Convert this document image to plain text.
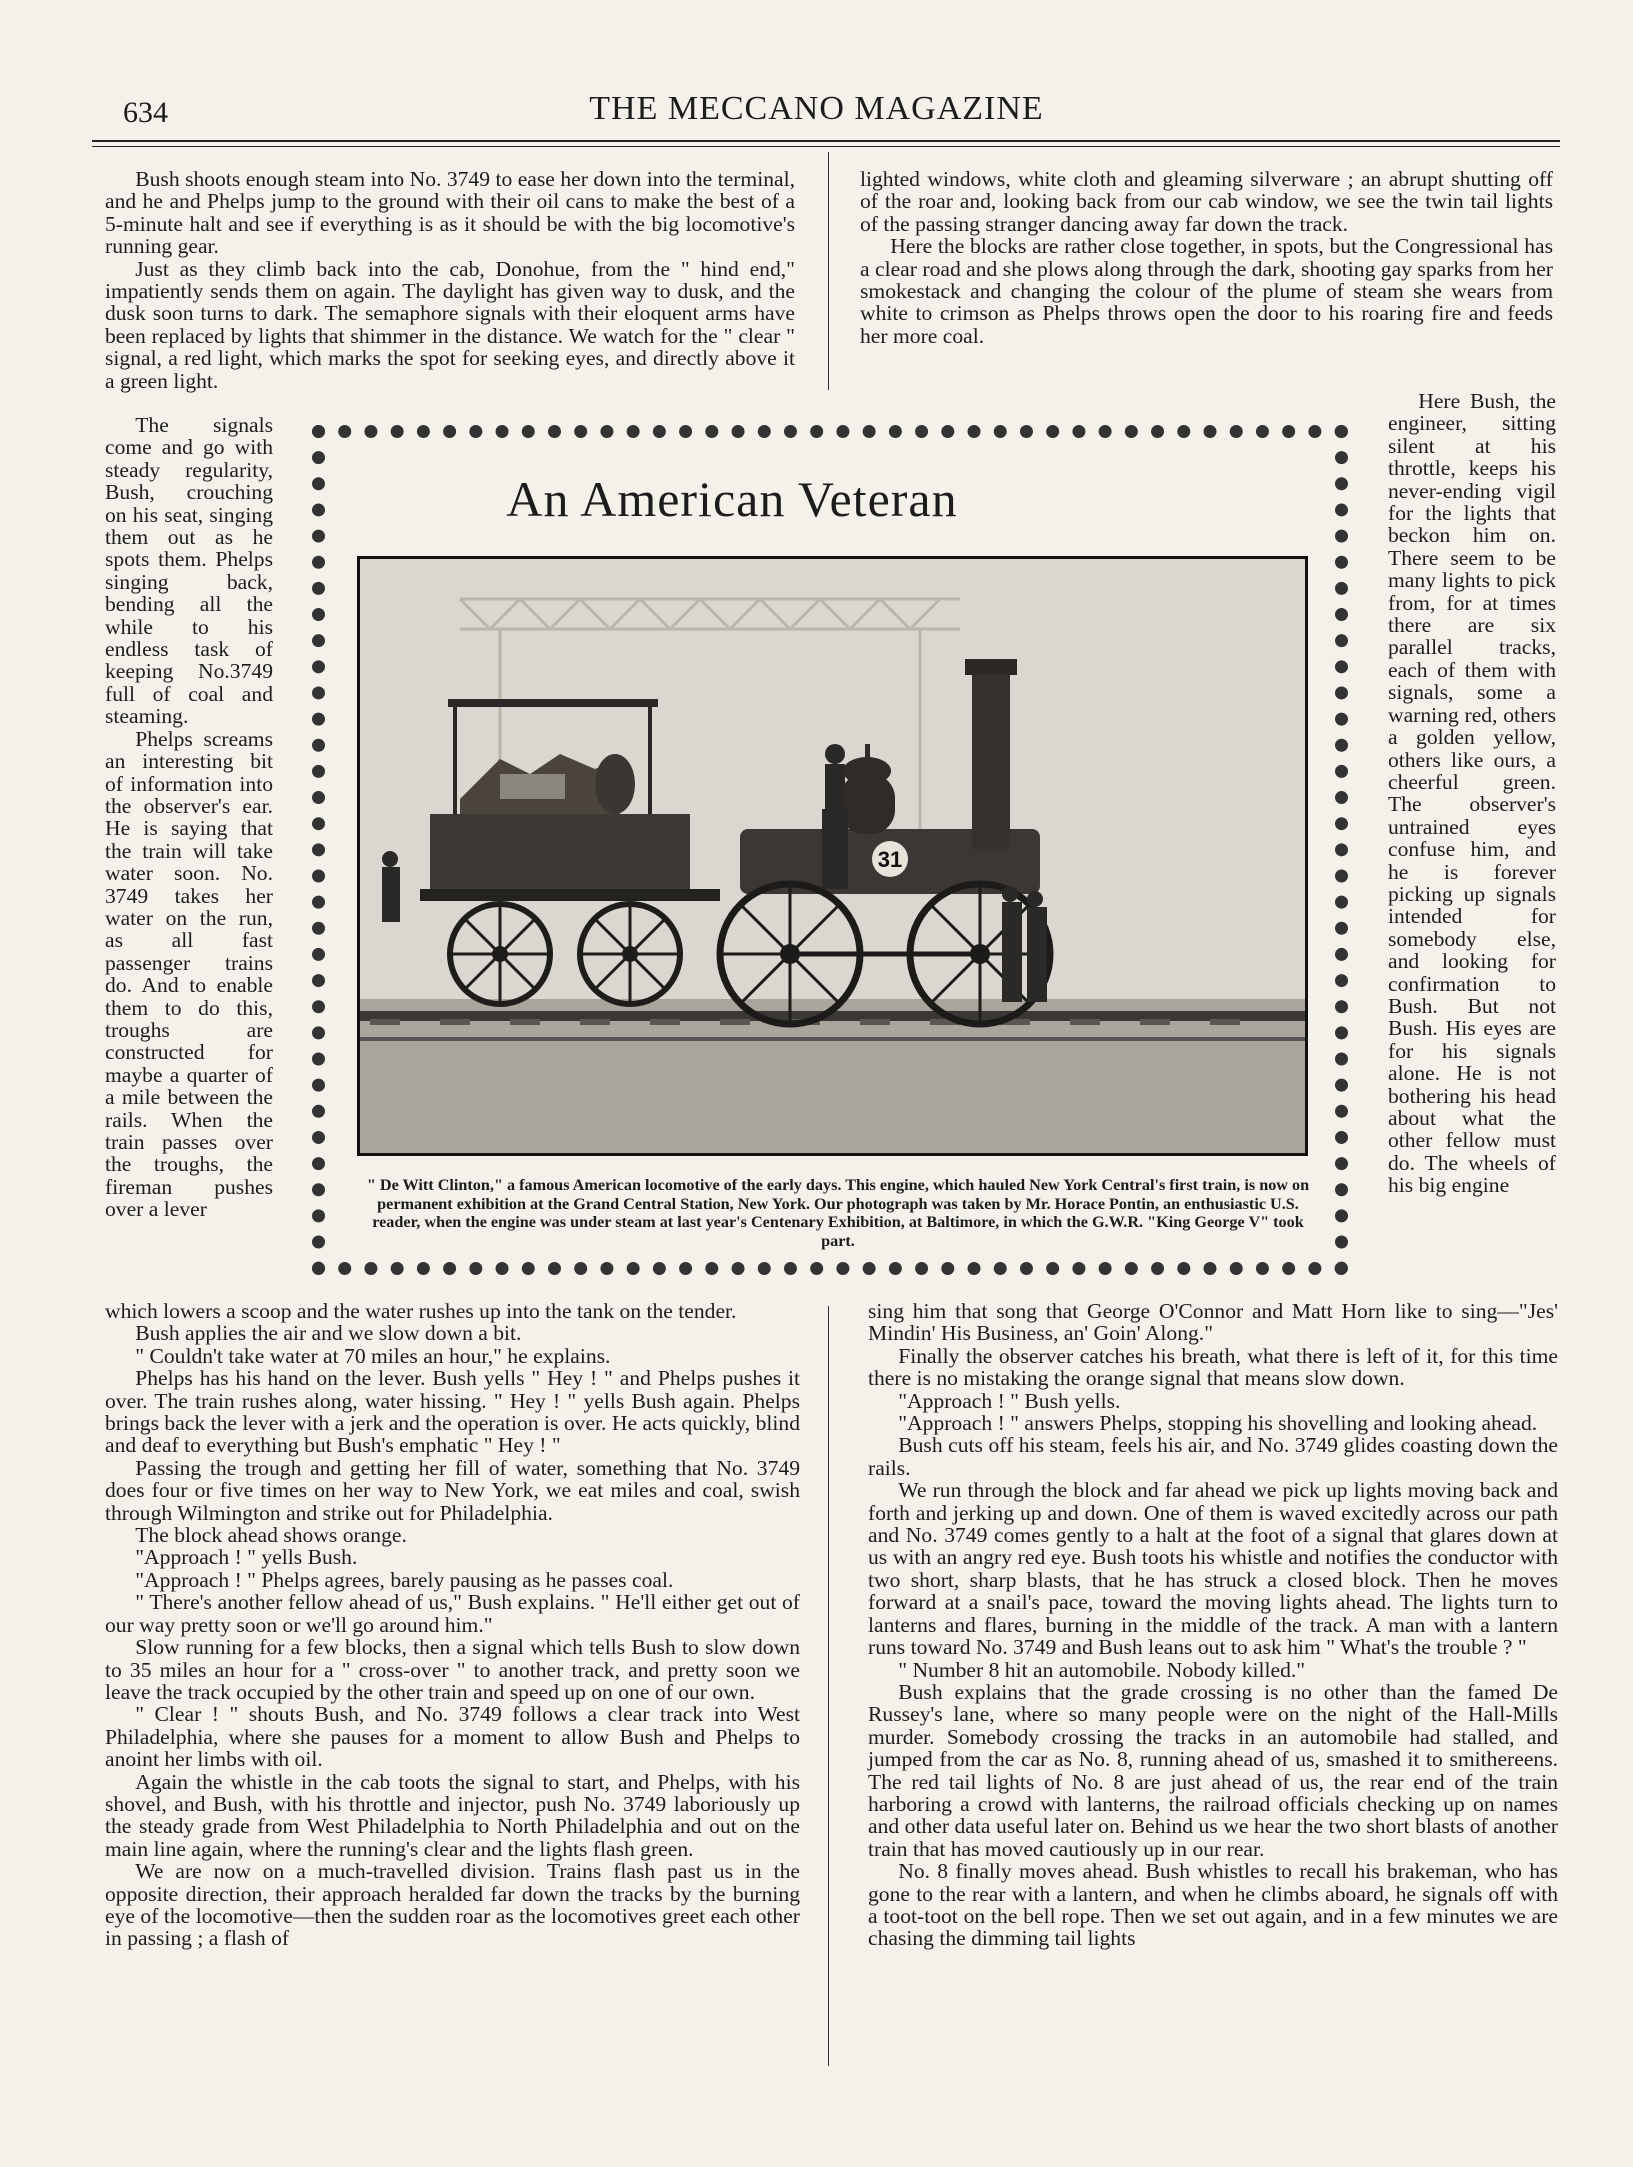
634	THE MECCANO MAGAZINE

Bush shoots enough steam into No. 3749 to ease her down into the terminal, and he and Phelps jump to the ground with their oil cans to make the best of a 5-minute halt and see if everything is as it should be with the big locomotive's running gear.

Just as they climb back into the cab, Donohue, from the " hind end," impatiently sends them on again. The daylight has given way to dusk, and the dusk soon turns to dark. The semaphore signals with their eloquent arms have been replaced by lights that shimmer in the distance. We watch for the " clear " signal, a red light, which marks the spot for seeking eyes, and directly above it a green light.

The signals come and go with steady regularity, Bush, crouching on his seat, singing them out as he spots them. Phelps singing back, bending all the while to his endless task of keeping No.3749 full of coal and steaming.

Phelps screams an interesting bit of information into the observer's ear. He is saying that the train will take water soon. No. 3749 takes her water on the run, as all fast passenger trains do. And to enable them to do this, troughs are constructed for maybe a quarter of a mile between the rails. When the train passes over the troughs, the fireman pushes over a lever

which lowers a scoop and the water rushes up into the tank on the tender.

Bush applies the air and we slow down a bit.

" Couldn't take water at 70 miles an hour," he explains.

Phelps has his hand on the lever. Bush yells " Hey ! " and Phelps pushes it over. The train rushes along, water hissing. " Hey ! " yells Bush again. Phelps brings back the lever with a jerk and the operation is over. He acts quickly, blind and deaf to everything but Bush's emphatic " Hey ! "

Passing the trough and getting her fill of water, something that No. 3749 does four or five times on her way to New York, we eat miles and coal, swish through Wilmington and strike out for Philadelphia.

The block ahead shows orange.

"Approach ! " yells Bush.

"Approach ! " Phelps agrees, barely pausing as he passes coal.

" There's another fellow ahead of us," Bush explains. " He'll either get out of our way pretty soon or we'll go around him."

Slow running for a few blocks, then a signal which tells Bush to slow down to 35 miles an hour for a " cross-over " to another track, and pretty soon we leave the track occupied by the other train and speed up on one of our own.

" Clear ! " shouts Bush, and No. 3749 follows a clear track into West Philadelphia, where she pauses for a moment to allow Bush and Phelps to anoint her limbs with oil.

Again the whistle in the cab toots the signal to start, and Phelps, with his shovel, and Bush, with his throttle and injector, push No. 3749 laboriously up the steady grade from West Philadelphia to North Philadelphia and out on the main line again, where the running's clear and the lights flash green.

We are now on a much-travelled division. Trains flash past us in the opposite direction, their approach heralded far down the tracks by the burning eye of the locomotive—then the sudden roar as the locomotives greet each other in passing ; a flash of

lighted windows, white cloth and gleaming silverware ; an abrupt shutting off of the roar and, looking back from our cab window, we see the twin tail lights of the passing stranger dancing away far down the track.

Here the blocks are rather close together, in spots, but the Congressional has a clear road and she plows along through the dark, shooting gay sparks from her smokestack and changing the colour of the plume of steam she wears from white to crimson as Phelps throws open the door to his roaring fire and feeds her more coal.

Here Bush, the engineer, sitting silent at his throttle, keeps his never-ending vigil for the lights that beckon him on. There seem to be many lights to pick from, for at times there are six parallel tracks, each of them with signals, some a warning red, others a golden yellow, others like ours, a cheerful green. The observer's untrained eyes confuse him, and he is forever picking up signals intended for somebody else, and looking for confirmation to Bush. But not Bush. His eyes are for his signals alone. He is not bothering his head about what the other fellow must do. The wheels of his big engine

sing him that song that George O'Connor and Matt Horn like to sing—"Jes' Mindin' His Business, an' Goin' Along."

Finally the observer catches his breath, what there is left of it, for this time there is no mistaking the orange signal that means slow down.

"Approach ! " Bush yells.

"Approach ! " answers Phelps, stopping his shovelling and looking ahead.

Bush cuts off his steam, feels his air, and No. 3749 glides coasting down the rails.

We run through the block and far ahead we pick up lights moving back and forth and jerking up and down. One of them is waved excitedly across our path and No. 3749 comes gently to a halt at the foot of a signal that glares down at us with an angry red eye. Bush toots his whistle and notifies the conductor with two short, sharp blasts, that he has struck a closed block. Then he moves forward at a snail's pace, toward the moving lights ahead. The lights turn to lanterns and flares, burning in the middle of the track. A man with a lantern runs toward No. 3749 and Bush leans out to ask him " What's the trouble ? "

" Number 8 hit an automobile. Nobody killed."

Bush explains that the grade crossing is no other than the famed De Russey's lane, where so many people were on the night of the Hall-Mills murder. Somebody crossing the tracks in an automobile had stalled, and jumped from the car as No. 8, running ahead of us, smashed it to smithereens. The red tail lights of No. 8 are just ahead of us, the rear end of the train harboring a crowd with lanterns, the railroad officials checking up on names and other data useful later on. Behind us we hear the two short blasts of another train that has moved cautiously up in our rear.

No. 8 finally moves ahead. Bush whistles to recall his brakeman, who has gone to the rear with a lantern, and when he climbs aboard, he signals off with a toot-toot on the bell rope. Then we set out again, and in a few minutes we are chasing the dimming tail lights

An American Veteran
31
" De Witt Clinton," a famous American locomotive of the early days. This engine, which hauled New York Central's first train, is now on permanent exhibition at the Grand Central Station, New York. Our photograph was taken by Mr. Horace Pontin, an enthusiastic U.S. reader, when the engine was under steam at last year's Centenary Exhibition, at Baltimore, in which the G.W.R. "King George V" took part.
